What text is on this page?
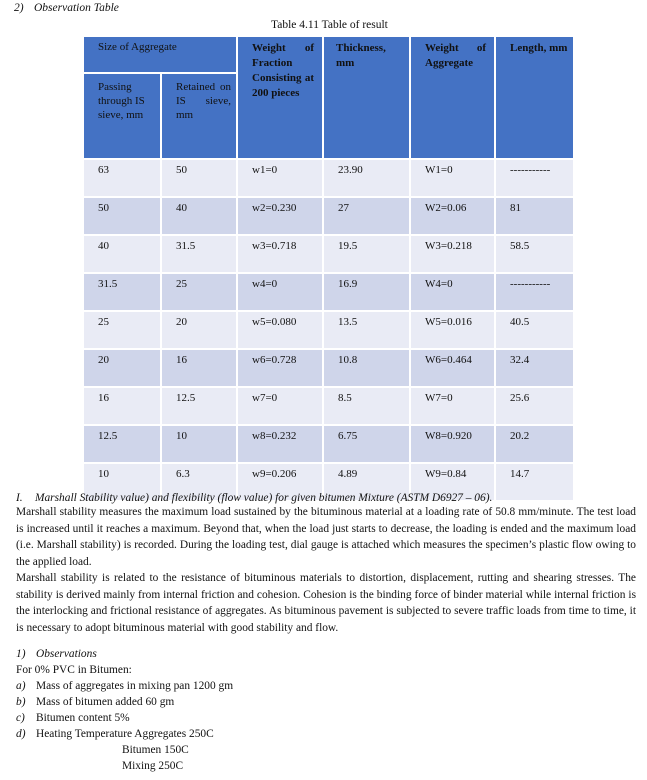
2) Observation Table
Table 4.11 Table of result
Size of Aggregate		Weight of Fraction Consisting at 200 pieces	Thickness, mm	Weight of Aggregate	Length, mm
Passing through IS sieve, mm	Retained on IS sieve, mm				
63	50	w1=0	23.90	W1=0	-----------
50	40	w2=0.230	27	W2=0.06	81
40	31.5	w3=0.718	19.5	W3=0.218	58.5
31.5	25	w4=0	16.9	W4=0	-----------
25	20	w5=0.080	13.5	W5=0.016	40.5
20	16	w6=0.728	10.8	W6=0.464	32.4
16	12.5	w7=0	8.5	W7=0	25.6
12.5	10	w8=0.232	6.75	W8=0.920	20.2
10	6.3	w9=0.206	4.89	W9=0.84	14.7
I. Marshall Stability value) and flexibility (flow value) for given bitumen Mixture (ASTM D6927 – 06).
Marshall stability measures the maximum load sustained by the bituminous material at a loading rate of 50.8 mm/minute. The test load is increased until it reaches a maximum. Beyond that, when the load just starts to decrease, the loading is ended and the maximum load (i.e. Marshall stability) is recorded. During the loading test, dial gauge is attached which measures the specimen’s plastic flow owing to the applied load.
Marshall stability is related to the resistance of bituminous materials to distortion, displacement, rutting and shearing stresses. The stability is derived mainly from internal friction and cohesion. Cohesion is the binding force of binder material while internal friction is the interlocking and frictional resistance of aggregates. As bituminous pavement is subjected to severe traffic loads from time to time, it is necessary to adopt bituminous material with good stability and flow.
1) Observations
For 0% PVC in Bitumen:
a) Mass of aggregates in mixing pan 1200 gm
b) Mass of bitumen added 60 gm
c) Bitumen content 5%
d) Heating Temperature Aggregates 250C
Bitumen 150C
Mixing 250C
